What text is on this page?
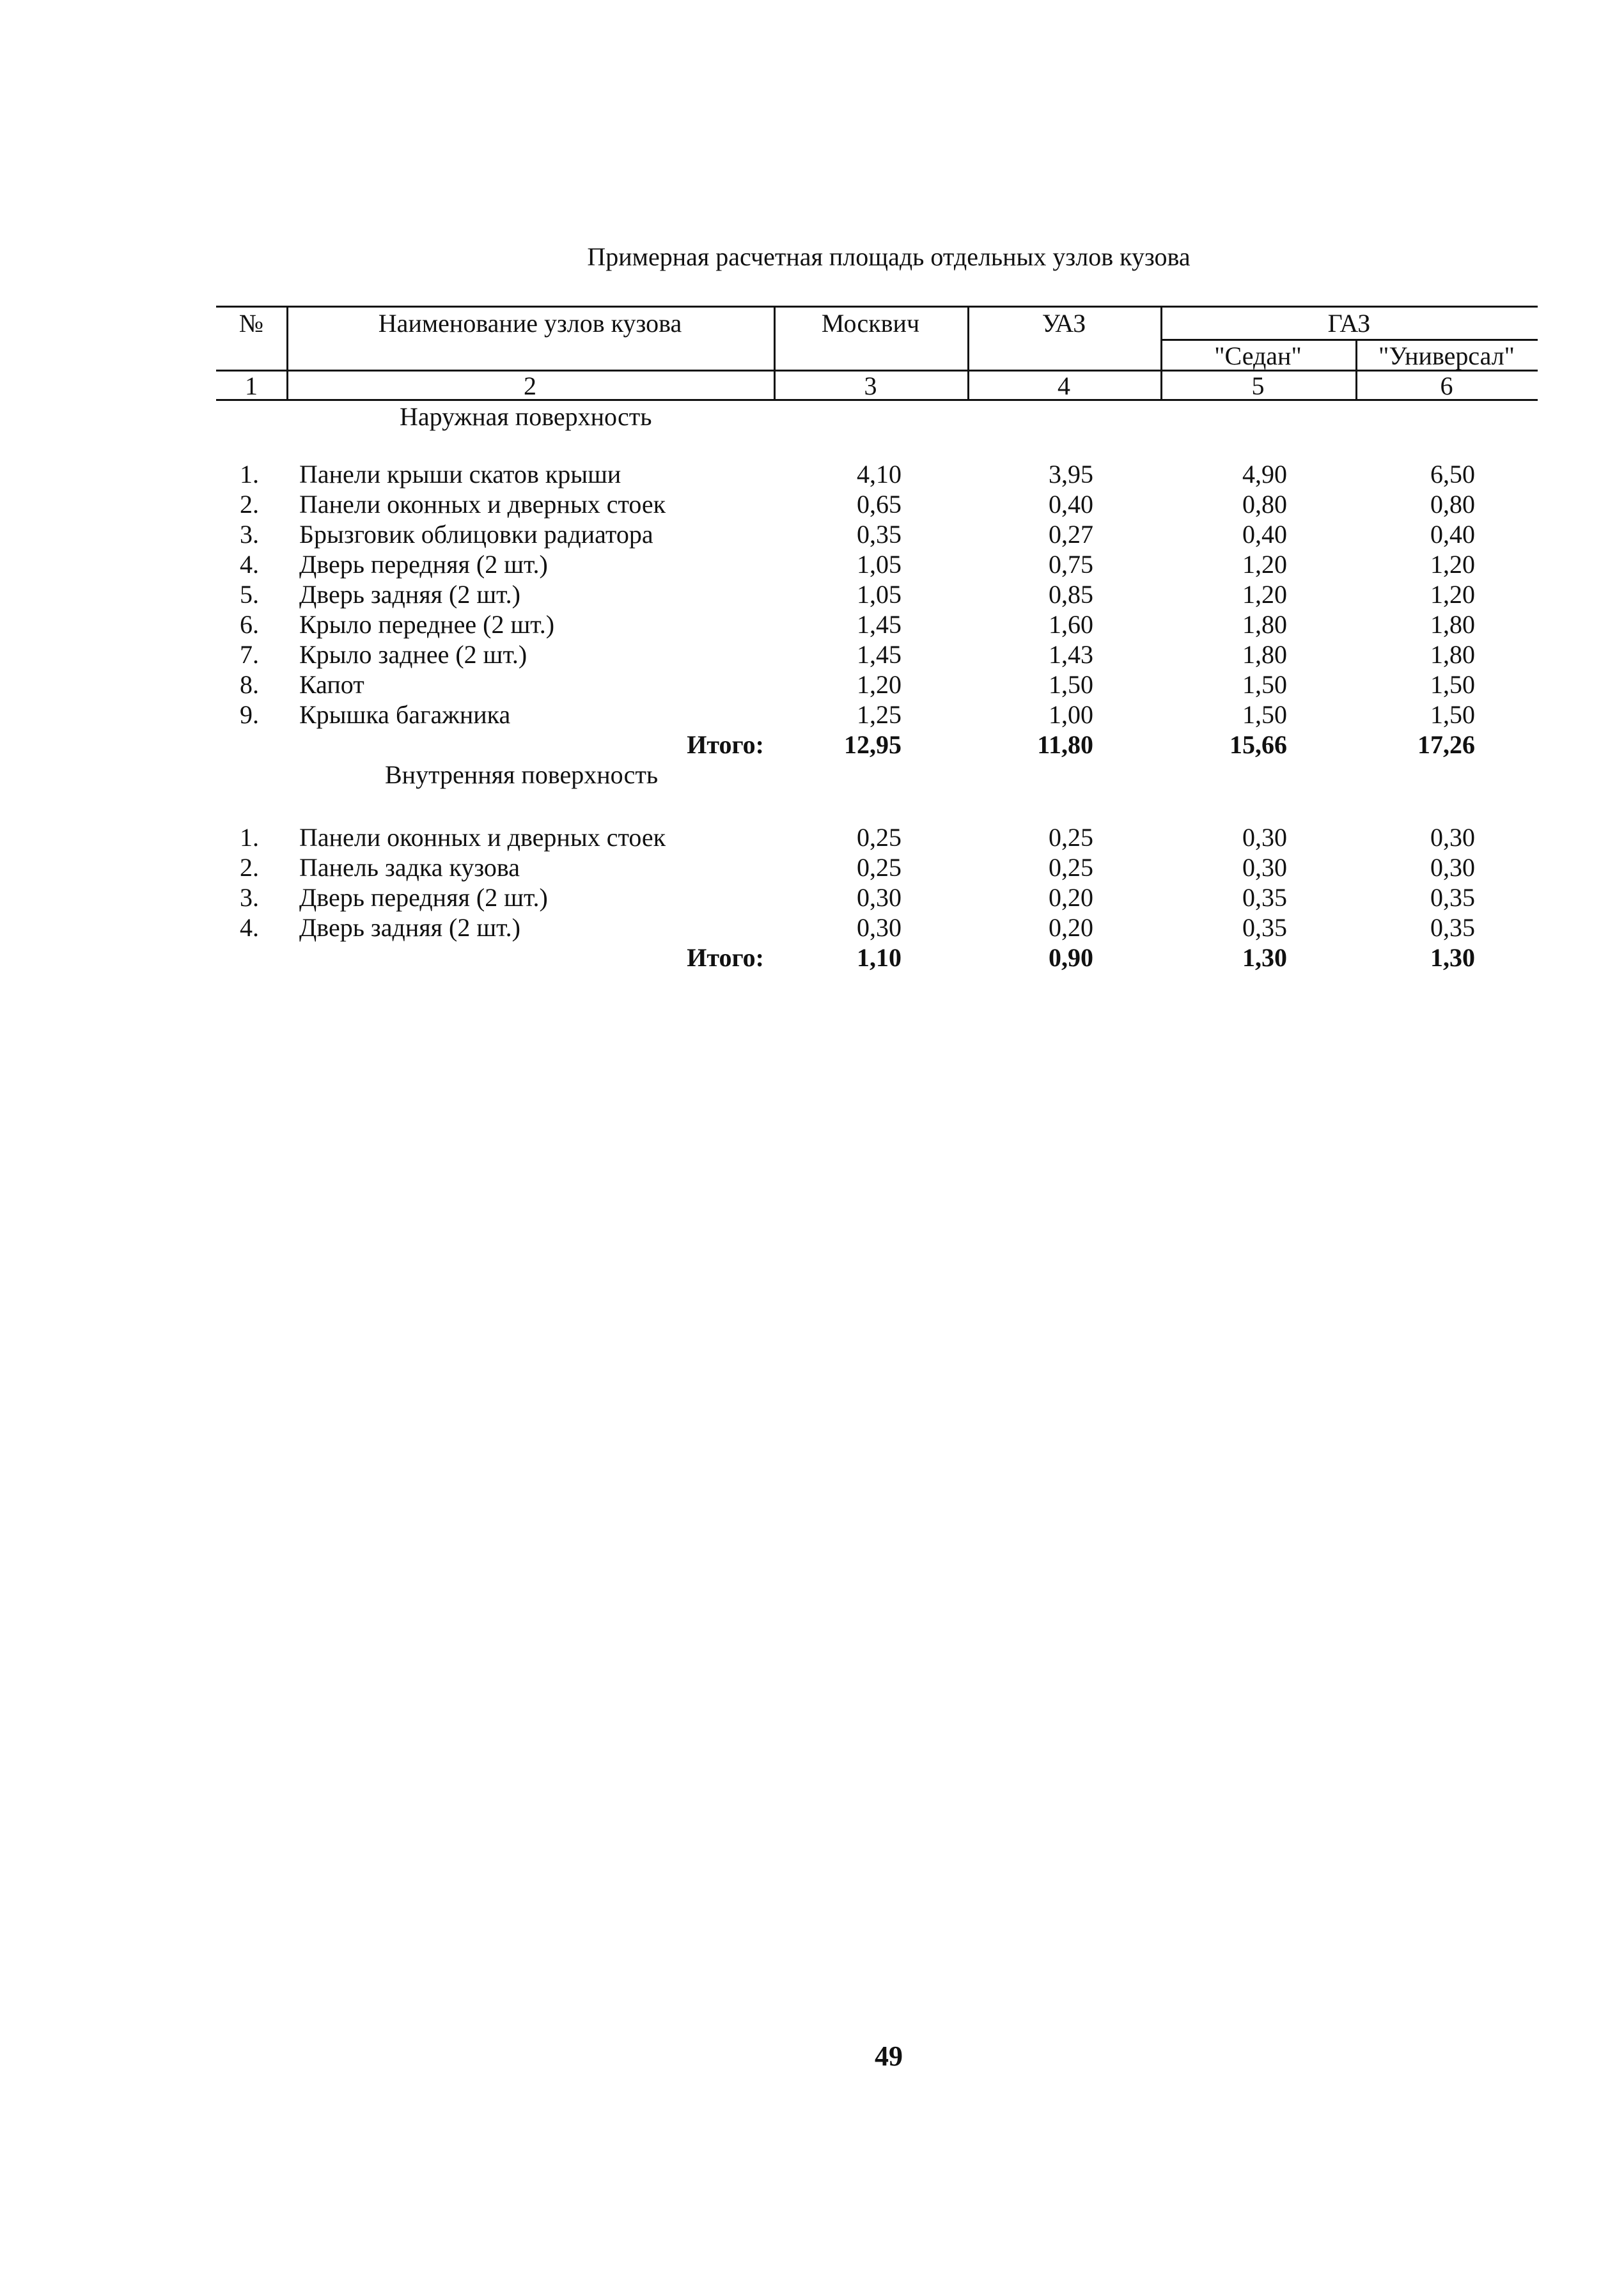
Примерная расчетная площадь отдельных узлов кузова
№	Наименование узлов кузова	Москвич	УАЗ	ГАЗ
"Седан"	"Универсал"
1	2	3	4	5	6
Наружная поверхность
1. Панели крыши скатов крыши	4,10	3,95	4,90	6,50
2. Панели оконных и дверных стоек	0,65	0,40	0,80	0,80
3. Брызговик облицовки радиатора	0,35	0,27	0,40	0,40
4. Дверь передняя (2 шт.)	1,05	0,75	1,20	1,20
5. Дверь задняя (2 шт.)	1,05	0,85	1,20	1,20
6. Крыло переднее (2 шт.)	1,45	1,60	1,80	1,80
7. Крыло заднее (2 шт.)	1,45	1,43	1,80	1,80
8. Капот	1,20	1,50	1,50	1,50
9. Крышка багажника	1,25	1,00	1,50	1,50
Итого:	12,95	11,80	15,66	17,26
Внутренняя поверхность
1. Панели оконных и дверных стоек	0,25	0,25	0,30	0,30
2. Панель задка кузова	0,25	0,25	0,30	0,30
3. Дверь передняя (2 шт.)	0,30	0,20	0,35	0,35
4. Дверь задняя (2 шт.)	0,30	0,20	0,35	0,35
Итого:	1,10	0,90	1,30	1,30
49
